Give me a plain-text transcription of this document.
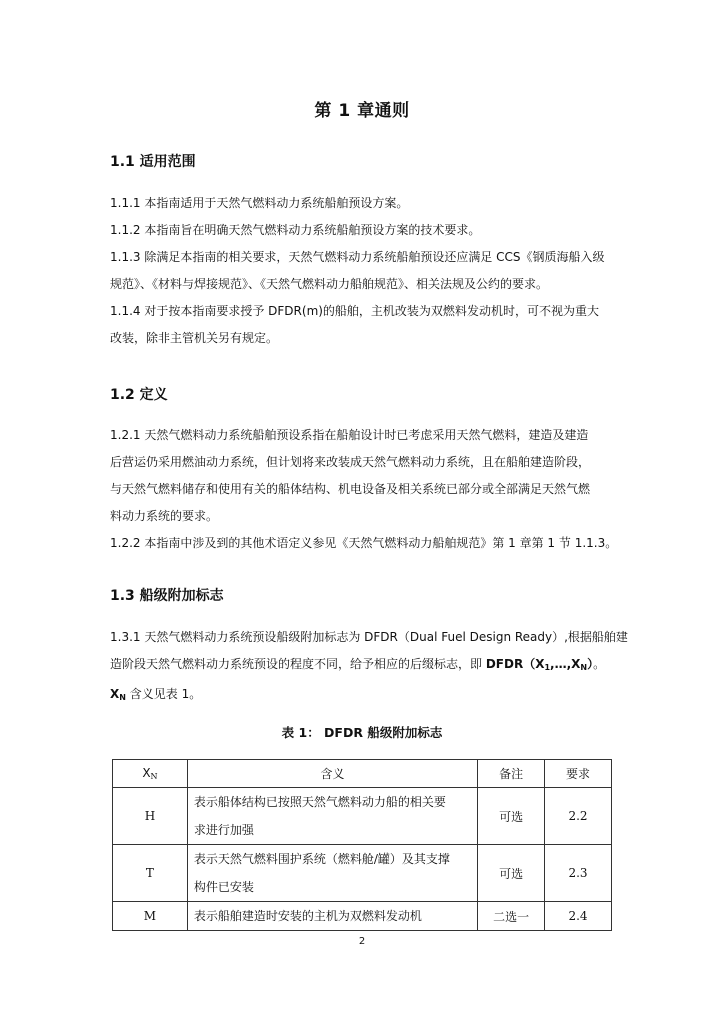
第 1 章通则
1.1 适用范围
1.1.1 本指南适用于天然气燃料动力系统船舶预设方案。
1.1.2 本指南旨在明确天然气燃料动力系统船舶预设方案的技术要求。
1.1.3 除满足本指南的相关要求，天然气燃料动力系统船舶预设还应满足 CCS《钢质海船入级
规范》、《材料与焊接规范》、《天然气燃料动力船舶规范》、相关法规及公约的要求。
1.1.4 对于按本指南要求授予 DFDR(m)的船舶，主机改装为双燃料发动机时，可不视为重大
改装，除非主管机关另有规定。
1.2 定义
1.2.1 天然气燃料动力系统船舶预设系指在船舶设计时已考虑采用天然气燃料，建造及建造
后营运仍采用燃油动力系统，但计划将来改装成天然气燃料动力系统，且在船舶建造阶段，
与天然气燃料储存和使用有关的船体结构、机电设备及相关系统已部分或全部满足天然气燃
料动力系统的要求。
1.2.2 本指南中涉及到的其他术语定义参见《天然气燃料动力船舶规范》第 1 章第 1 节 1.1.3。
1.3 船级附加标志
1.3.1 天然气燃料动力系统预设船级附加标志为 DFDR（Dual Fuel Design Ready）,根据船舶建
造阶段天然气燃料动力系统预设的程度不同，给予相应的后缀标志，即 $DFDR(X_1,\dots,X_N)$。
$X_N$ 含义见表 1。
表 1： DFDR 船级附加标志
$X_N$	含义	备注	要求
H	表示船体结构已按照天然气燃料动力船的相关要
求进行加强	可选	2.2
T	表示天然气燃料围护系统（燃料舱/罐）及其支撑
构件已安装	可选	2.3
M	表示船舶建造时安装的主机为双燃料发动机	二选一	2.4
2
